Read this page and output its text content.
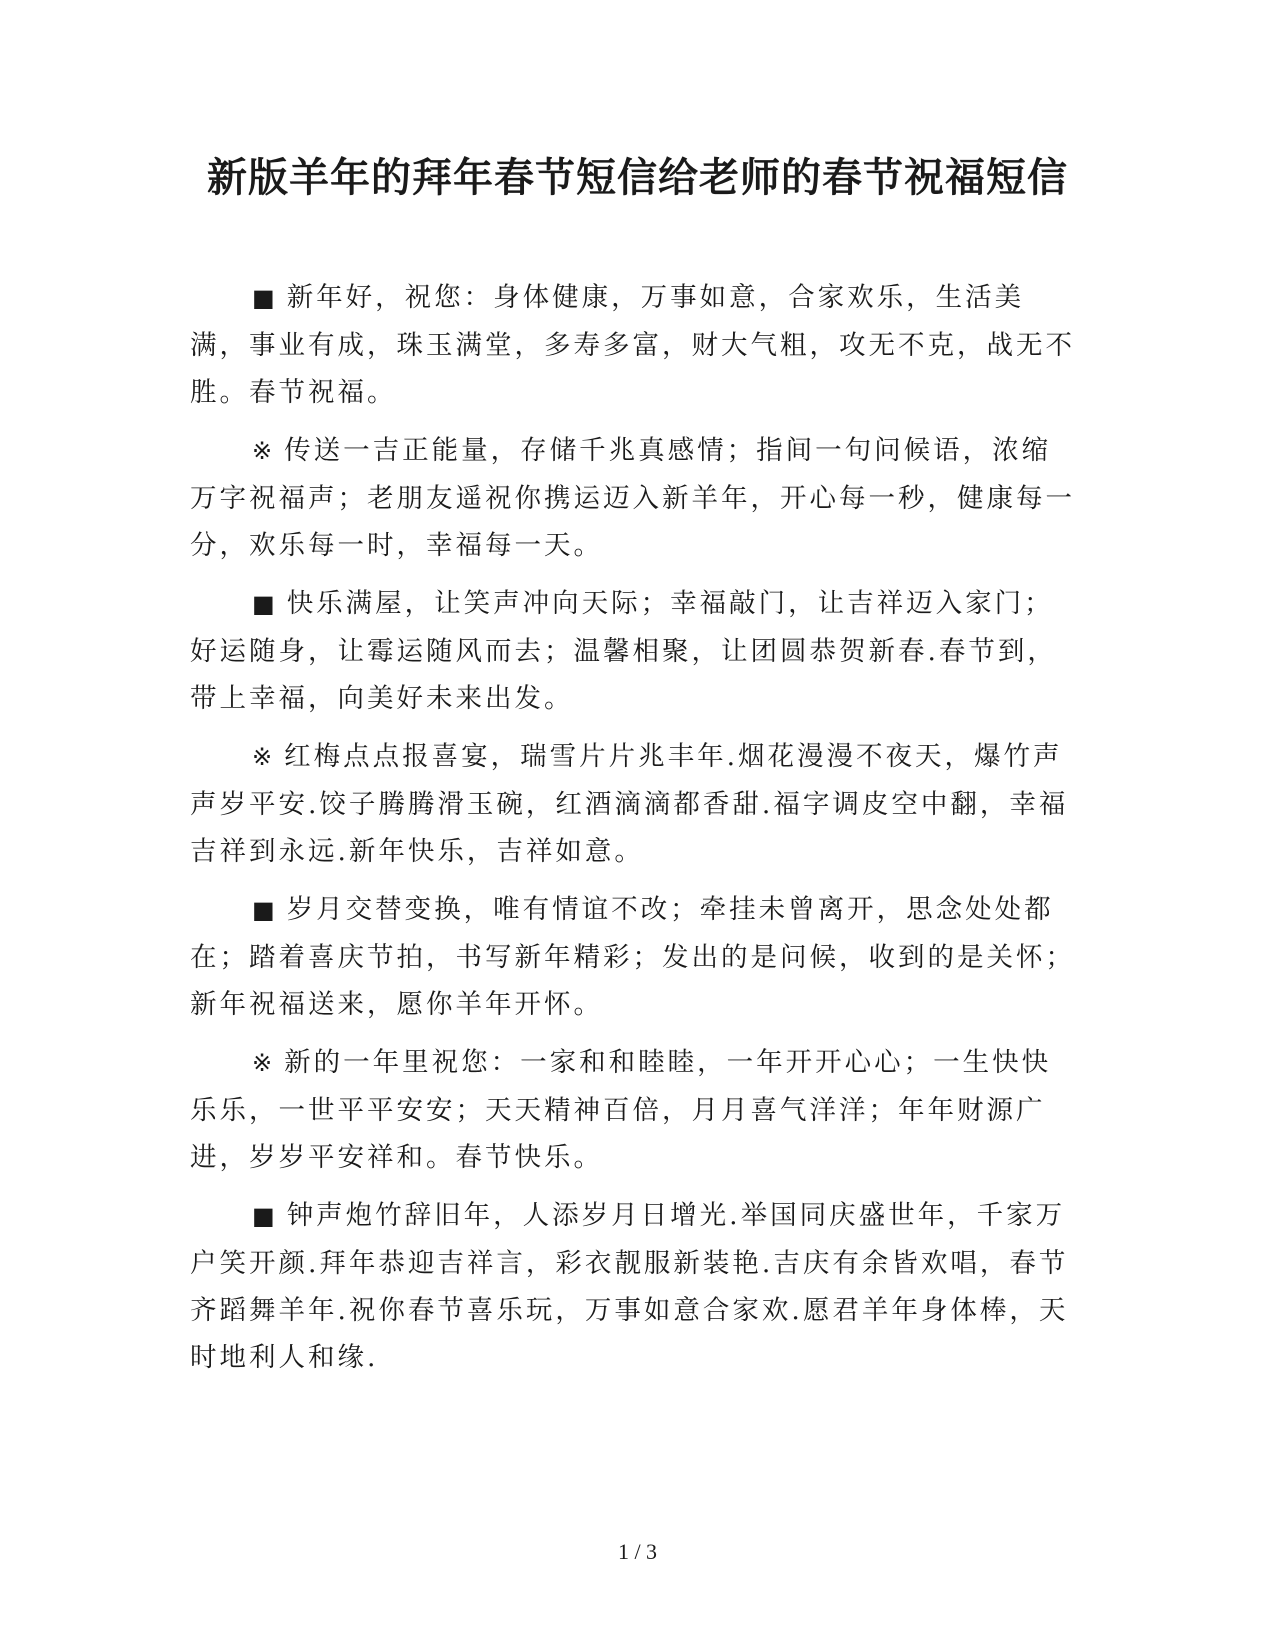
新版羊年的拜年春节短信给老师的春节祝福短信

■ 新年好，祝您：身体健康，万事如意，合家欢乐，生活美满，事业有成，珠玉满堂，多寿多富，财大气粗，攻无不克，战无不胜。春节祝福。

※ 传送一吉正能量，存储千兆真感情；指间一句问候语，浓缩万字祝福声；老朋友遥祝你携运迈入新羊年，开心每一秒，健康每一分，欢乐每一时，幸福每一天。

■ 快乐满屋，让笑声冲向天际；幸福敲门，让吉祥迈入家门；好运随身，让霉运随风而去；温馨相聚，让团圆恭贺新春.春节到，带上幸福，向美好未来出发。

※ 红梅点点报喜宴，瑞雪片片兆丰年.烟花漫漫不夜天，爆竹声声岁平安.饺子腾腾滑玉碗，红酒滴滴都香甜.福字调皮空中翻，幸福吉祥到永远.新年快乐，吉祥如意。

■ 岁月交替变换，唯有情谊不改；牵挂未曾离开，思念处处都在；踏着喜庆节拍，书写新年精彩；发出的是问候，收到的是关怀；新年祝福送来，愿你羊年开怀。

※ 新的一年里祝您：一家和和睦睦，一年开开心心；一生快快乐乐，一世平平安安；天天精神百倍，月月喜气洋洋；年年财源广进，岁岁平安祥和。春节快乐。

■ 钟声炮竹辞旧年，人添岁月日增光.举国同庆盛世年，千家万户笑开颜.拜年恭迎吉祥言，彩衣靓服新装艳.吉庆有余皆欢唱，春节齐蹈舞羊年.祝你春节喜乐玩，万事如意合家欢.愿君羊年身体棒，天时地利人和缘.

1 / 3
